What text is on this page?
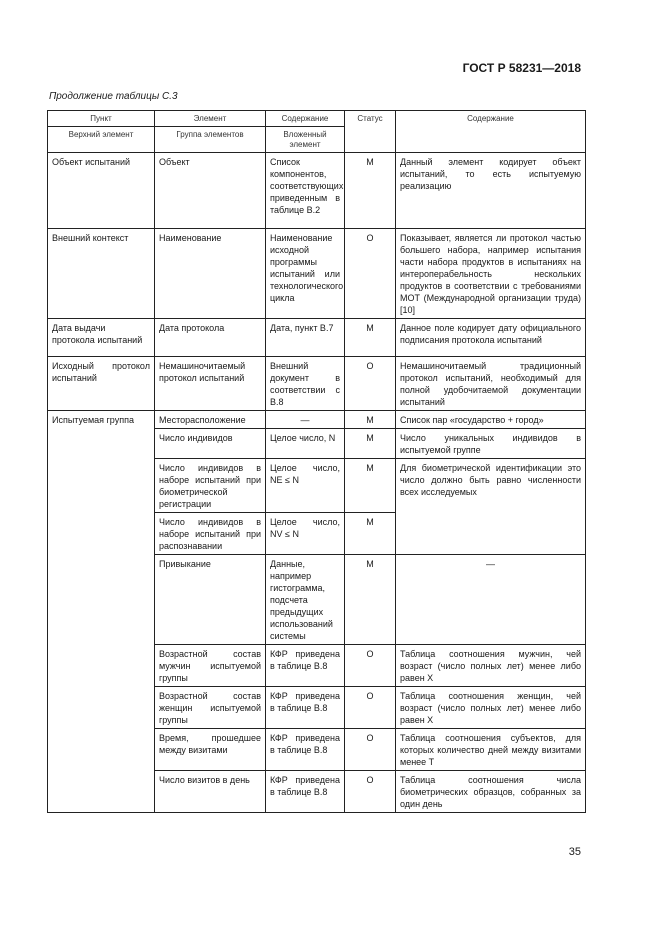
ГОСТ Р 58231—2018
Продолжение таблицы С.3
Пункт	Элемент	Содержание	Статус	Содержание
Верхний элемент	Группа элементов	Вложенный элемент		
Объект испытаний	Объект	Список компонентов, соответствующих приведенным в таблице В.2	М	Данный элемент кодирует объект испытаний, то есть испытуемую реализацию
Внешний контекст	Наименование	Наименование исходной программы испытаний или технологического цикла	О	Показывает, является ли протокол частью большего набора, например испытания части набора продуктов в испытаниях на интероперабельность нескольких продуктов в соответствии с требованиями МОТ (Международной организации труда) [10]
Дата выдачи протокола испытаний	Дата протокола	Дата, пункт В.7	М	Данное поле кодирует дату официального подписания протокола испытаний
Исходный протокол испытаний	Немашиночитаемый протокол испытаний	Внешний документ в соответствии с В.8	О	Немашиночитаемый традиционный протокол испытаний, необходимый для полной удобочитаемой документации испытаний
Испытуемая группа	Месторасположение	—	М	Список пар «государство + город»
	Число индивидов	Целое число, N	М	Число уникальных индивидов в испытуемой группе
	Число индивидов в наборе испытаний при биометрической регистрации	Целое число, NE ≤ N	М	Для биометрической идентификации это число должно быть равно численности всех исследуемых
	Число индивидов в наборе испытаний при распознавании	Целое число, NV ≤ N	М	
	Привыкание	Данные, например гистограмма, подсчета предыдущих использований системы	М	—
	Возрастной состав мужчин испытуемой группы	КФР приведена в таблице В.8	О	Таблица соотношения мужчин, чей возраст (число полных лет) менее либо равен X
	Возрастной состав женщин испытуемой группы	КФР приведена в таблице В.8	О	Таблица соотношения женщин, чей возраст (число полных лет) менее либо равен X
	Время, прошедшее между визитами	КФР приведена в таблице В.8	О	Таблица соотношения субъектов, для которых количество дней между визитами менее T
	Число визитов в день	КФР приведена в таблице В.8	О	Таблица соотношения числа биометрических образцов, собранных за один день
35
